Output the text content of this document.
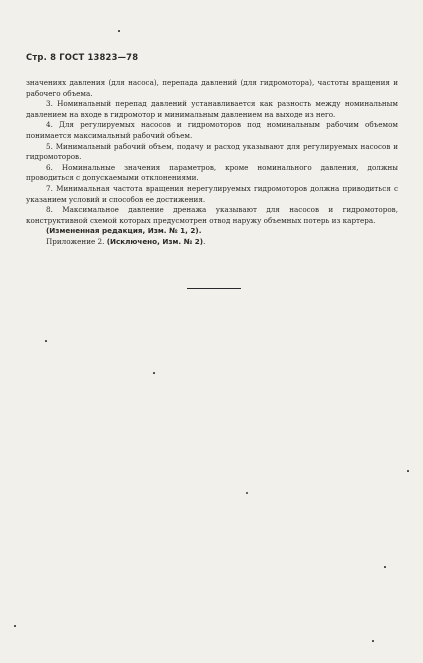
Стр. 8 ГОСТ 13823—78

значениях давления (для насоса), перепада давлений (для гидромотора), частоты вращения и рабочего объема.

3. Номинальный перепад давлений устанавливается как разность между номинальным давлением на входе в гидромотор и минимальным давлением на выходе из него.

4. Для регулируемых насосов и гидромоторов под номинальным рабочим объемом понимается максимальный рабочий объем.

5. Минимальный рабочий объем, подачу и расход указывают для регулируемых насосов и гидромоторов.

6. Номинальные значения параметров, кроме номинального давления, должны проводиться с допускаемыми отклонениями.

7. Минимальная частота вращения нерегулируемых гидромоторов должна приводиться с указанием условий и способов ее достижения.

8. Максимальное давление дренажа указывают для насосов и гидромоторов, конструктивной схемой которых предусмотрен отвод наружу объемных потерь из картера.

(Измененная редакция, Изм. № 1, 2).

Приложение 2. (Исключено, Изм. № 2).
